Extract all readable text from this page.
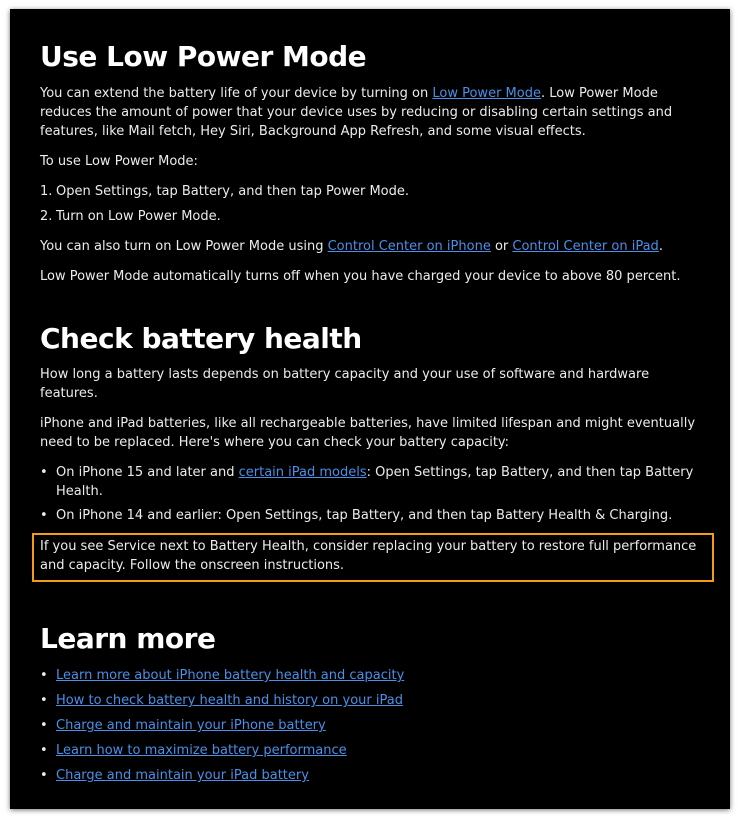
Use Low Power Mode

You can extend the battery life of your device by turning on Low Power Mode. Low Power Mode reduces the amount of power that your device uses by reducing or disabling certain settings and features, like Mail fetch, Hey Siri, Background App Refresh, and some visual effects.

To use Low Power Mode:

1. Open Settings, tap Battery, and then tap Power Mode.
2. Turn on Low Power Mode.

You can also turn on Low Power Mode using Control Center on iPhone or Control Center on iPad.

Low Power Mode automatically turns off when you have charged your device to above 80 percent.

Check battery health

How long a battery lasts depends on battery capacity and your use of software and hardware features.

iPhone and iPad batteries, like all rechargeable batteries, have limited lifespan and might eventually need to be replaced. Here's where you can check your battery capacity:

• On iPhone 15 and later and certain iPad models: Open Settings, tap Battery, and then tap Battery Health.
• On iPhone 14 and earlier: Open Settings, tap Battery, and then tap Battery Health & Charging.

If you see Service next to Battery Health, consider replacing your battery to restore full performance and capacity. Follow the onscreen instructions.

Learn more
• Learn more about iPhone battery health and capacity
• How to check battery health and history on your iPad
• Charge and maintain your iPhone battery
• Learn how to maximize battery performance
• Charge and maintain your iPad battery
